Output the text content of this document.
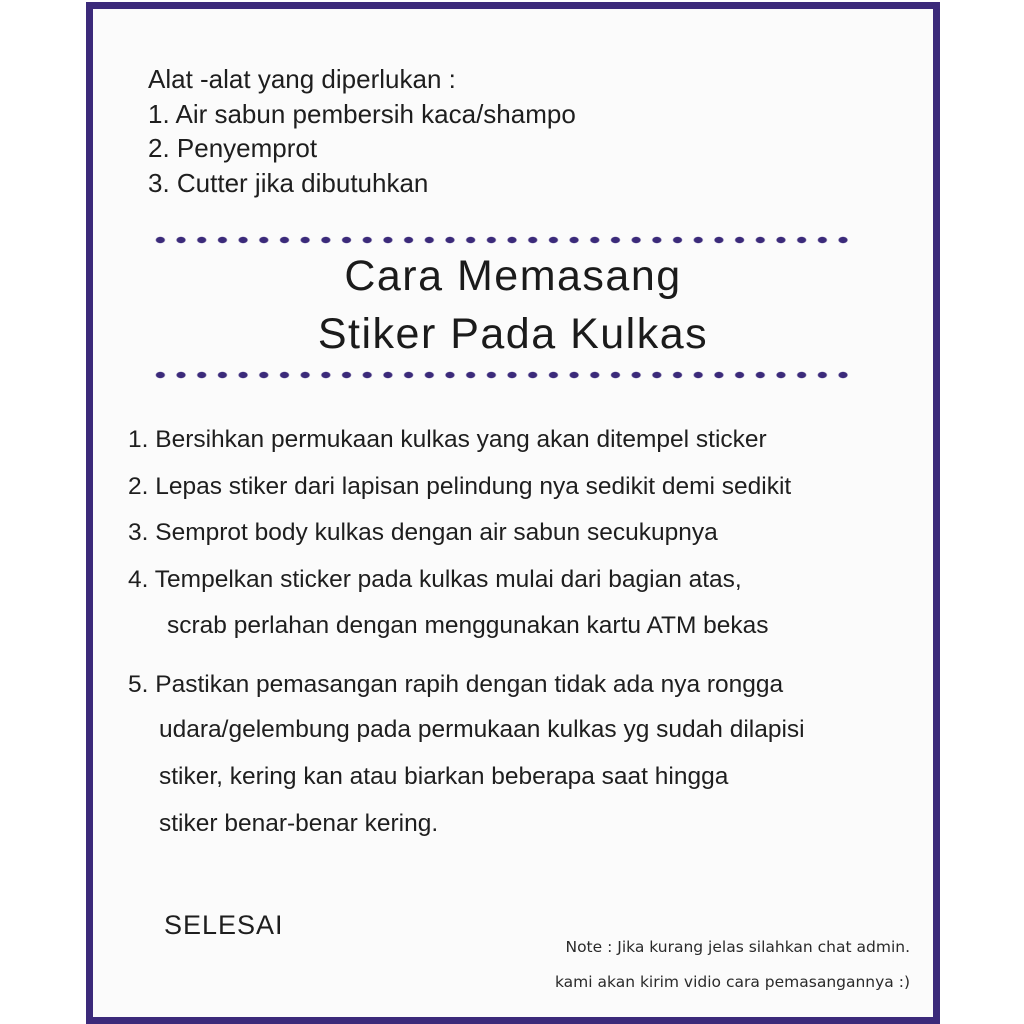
Alat -alat yang diperlukan :
1. Air sabun pembersih kaca/shampo
2. Penyemprot
3. Cutter jika dibutuhkan
Cara Memasang
Stiker Pada Kulkas
1. Bersihkan permukaan kulkas yang akan ditempel sticker
2. Lepas stiker dari lapisan pelindung nya sedikit demi sedikit
3. Semprot body kulkas dengan air sabun secukupnya
4. Tempelkan sticker pada kulkas mulai dari bagian atas,
scrab perlahan dengan menggunakan kartu ATM bekas
5. Pastikan pemasangan rapih dengan tidak ada nya rongga
udara/gelembung pada permukaan kulkas yg sudah dilapisi
stiker, kering kan atau biarkan beberapa saat hingga
stiker benar-benar kering.
SELESAI
Note : Jika kurang jelas silahkan chat admin.
kami akan kirim vidio cara pemasangannya :)
